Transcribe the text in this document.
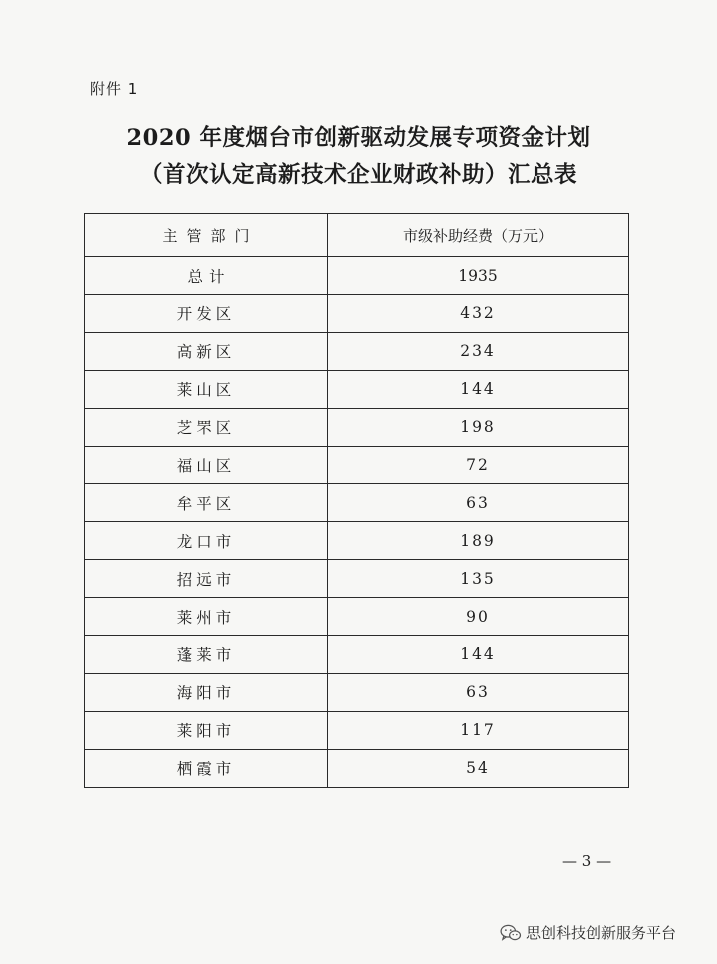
附件 1
2020 年度烟台市创新驱动发展专项资金计划
（首次认定高新技术企业财政补助）汇总表
主管部门	市级补助经费（万元）
总计	1935
开发区	432
高新区	234
莱山区	144
芝罘区	198
福山区	72
牟平区	63
龙口市	189
招远市	135
莱州市	90
蓬莱市	144
海阳市	63
莱阳市	117
栖霞市	54
— 3 —
思创科技创新服务平台
